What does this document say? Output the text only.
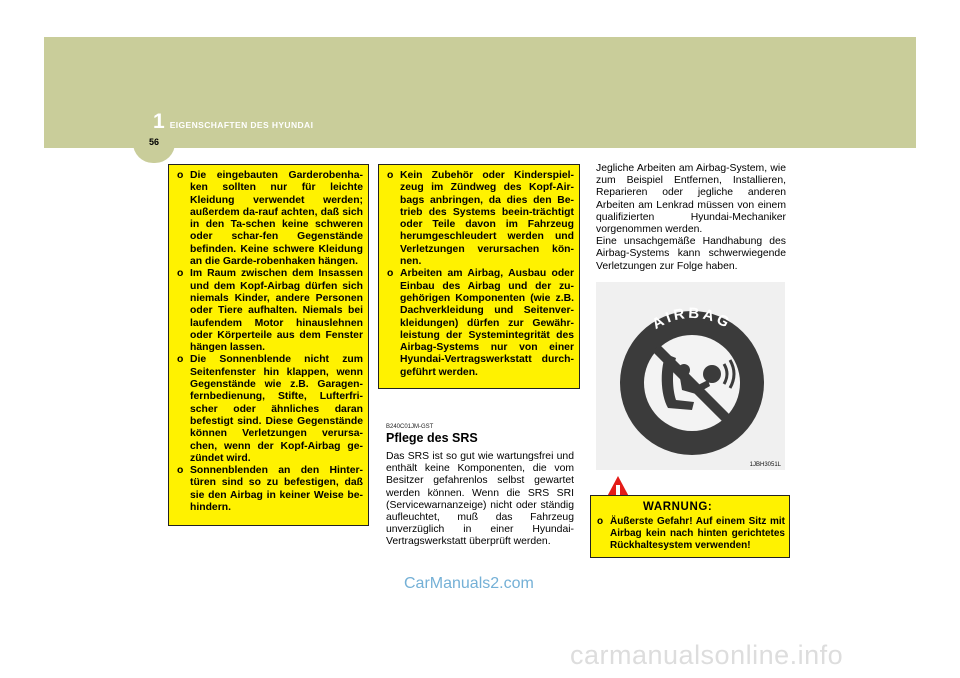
1 EIGENSCHAFTEN DES HYUNDAI
56
o Die eingebauten Garderobenha-ken sollten nur für leichte Kleidung verwendet werden; außerdem da-rauf achten, daß sich in den Ta-schen keine schweren oder schar-fen Gegenstände befinden. Keine schwere Kleidung an die Garde-robenhaken hängen.
o Im Raum zwischen dem Insassen und dem Kopf-Airbag dürfen sich niemals Kinder, andere Personen oder Tiere aufhalten. Niemals bei laufendem Motor hinauslehnen oder Körperteile aus dem Fenster hängen lassen.
o Die Sonnenblende nicht zum Seitenfenster hin klappen, wenn Gegenstände wie z.B. Garagen-fernbedienung, Stifte, Lufterfri-scher oder ähnliches daran befestigt sind. Diese Gegenstände können Verletzungen verursa-chen, wenn der Kopf-Airbag ge-zündet wird.
o Sonnenblenden an den Hinter-türen sind so zu befestigen, daß sie den Airbag in keiner Weise be-hindern.
o Kein Zubehör oder Kinderspiel-zeug im Zündweg des Kopf-Air-bags anbringen, da dies den Be-trieb des Systems beein-trächtigt oder Teile davon im Fahrzeug herumgeschleudert werden und Verletzungen verursachen kön-nen.
o Arbeiten am Airbag, Ausbau oder Einbau des Airbag und der zu-gehörigen Komponenten (wie z.B. Dachverkleidung und Seitenver-kleidungen) dürfen zur Gewähr-leistung der Systemintegrität des Airbag-Systems nur von einer Hyundai-Vertragswerkstatt durch-geführt werden.
B240C01JM-GST
Pflege des SRS
Das SRS ist so gut wie wartungsfrei und enthält keine Komponenten, die vom Besitzer gefahrenlos selbst gewartet werden können. Wenn die SRS SRI (Servicewarnanzeige) nicht oder ständig aufleuchtet, muß das Fahrzeug unverzüglich in einer Hyundai-Vertragswerkstatt überprüft werden.

Jegliche Arbeiten am Airbag-System, wie zum Beispiel Entfernen, Installieren, Reparieren oder jegliche anderen Arbeiten am Lenkrad müssen von einem qualifizierten Hyundai-Mechaniker vorgenommen werden.

Eine unsachgemäße Handhabung des Airbag-Systems kann schwerwiegende Verletzungen zur Folge haben.

AIRBAG
1JBH3051L
WARNUNG:
o Äußerste Gefahr! Auf einem Sitz mit Airbag kein nach hinten gerichtetes Rückhaltesystem verwenden!
CarManuals2.com
carmanualsonline.info
